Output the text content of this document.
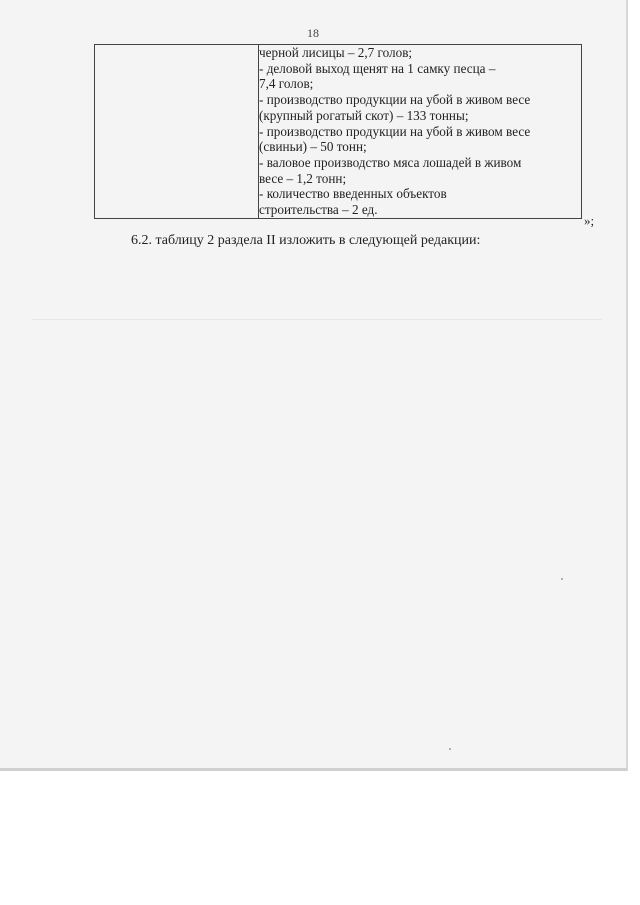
18

черной лисицы – 2,7 голов;
- деловой выход щенят на 1 самку песца –
7,4 голов;
- производство продукции на убой в живом весе
(крупный рогатый скот) – 133 тонны;
- производство продукции на убой в живом весе
(свиньи) – 50 тонн;
- валовое производство мяса лошадей в живом
весе – 1,2 тонн;
- количество введенных объектов
строительства – 2 ед.
»;
6.2. таблицу 2 раздела II изложить в следующей редакции:
